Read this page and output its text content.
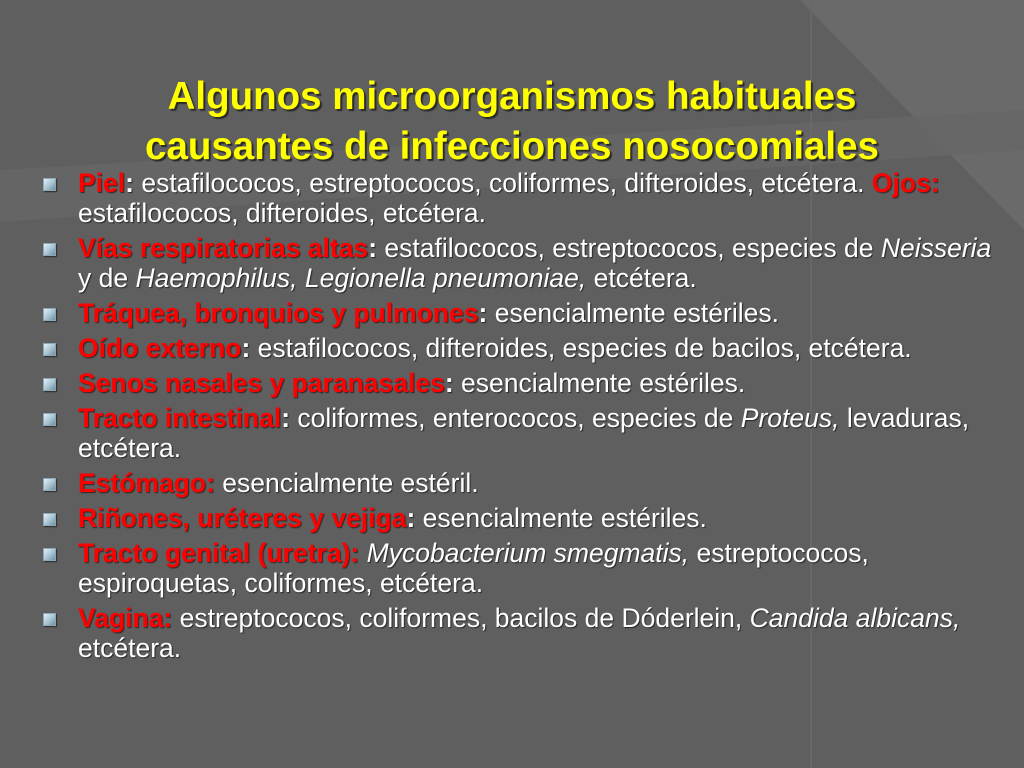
Algunos microorganismos habituales
causantes de infecciones nosocomiales
Piel: estafilococos, estreptococos, coliformes, difteroides, etcétera. Ojos: estafilococos, difteroides, etcétera.
Vías respiratorias altas: estafilococos, estreptococos, especies de Neisseria y de Haemophilus, Legionella pneumoniae, etcétera.
Tráquea, bronquios y pulmones: esencialmente estériles.
Oído externo: estafilococos, difteroides, especies de bacilos, etcétera.
Senos nasales y paranasales: esencialmente estériles.
Tracto intestinal: coliformes, enterococos, especies de Proteus, levaduras, etcétera.
Estómago: esencialmente estéril.
Riñones, uréteres y vejiga: esencialmente estériles.
Tracto genital (uretra): Mycobacterium smegmatis, estreptococos, espiroquetas, coliformes, etcétera.
Vagina: estreptococos, coliformes, bacilos de Dóderlein, Candida albicans, etcétera.
